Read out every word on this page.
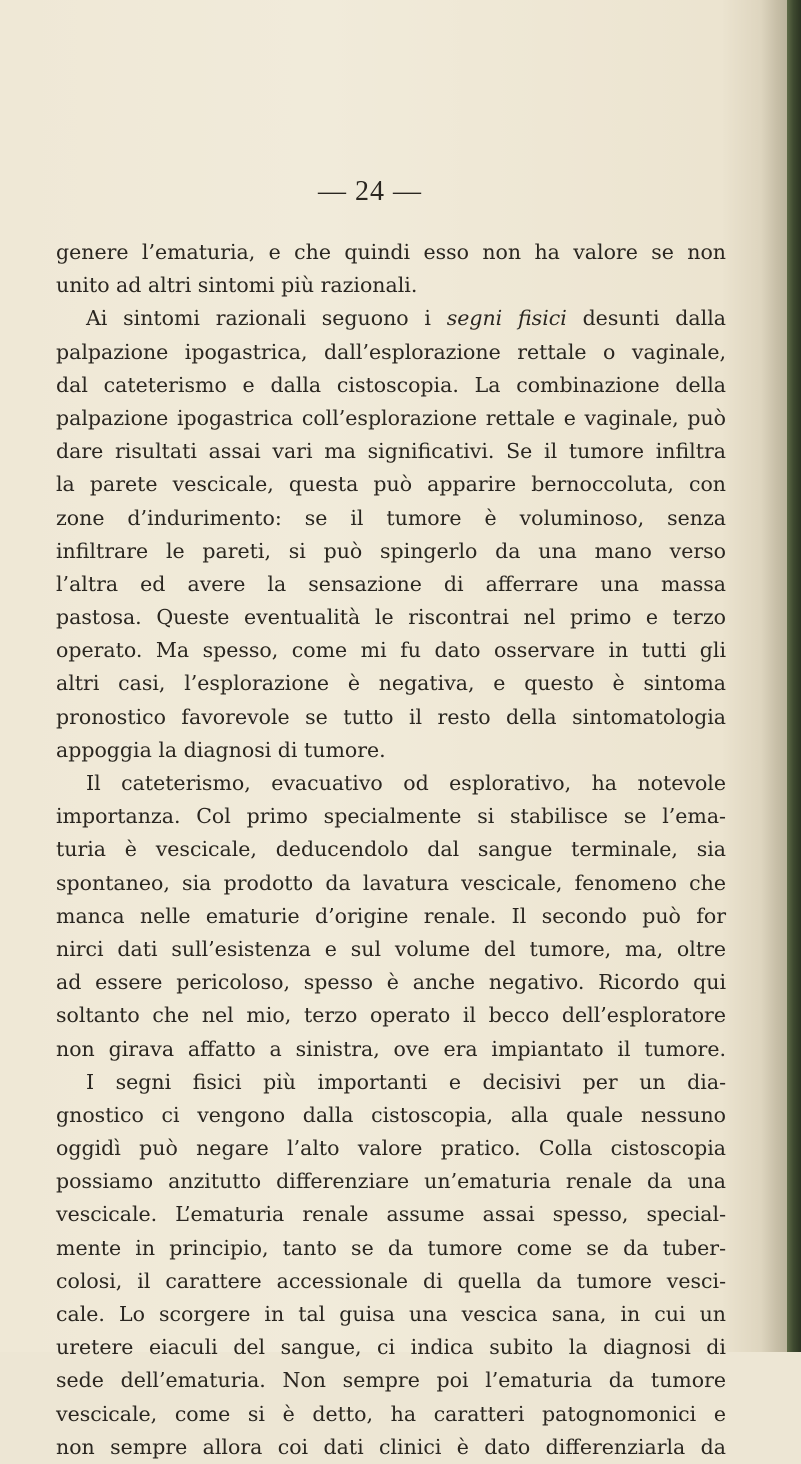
— 24 —
genere l’ematuria, e che quindi esso non ha valore se non
unito ad altri sintomi più razionali.
Ai sintomi razionali seguono i segni fisici desunti dalla
palpazione ipogastrica, dall’esplorazione rettale o vaginale,
dal cateterismo e dalla cistoscopia. La combinazione della
palpazione ipogastrica coll’esplorazione rettale e vaginale, può
dare risultati assai vari ma significativi. Se il tumore infiltra
la parete vescicale, questa può apparire bernoccoluta, con
zone d’indurimento: se il tumore è voluminoso, senza
infiltrare le pareti, si può spingerlo da una mano verso
l’altra ed avere la sensazione di afferrare una massa
pastosa. Queste eventualità le riscontrai nel primo e terzo
operato. Ma spesso, come mi fu dato osservare in tutti gli
altri casi, l’esplorazione è negativa, e questo è sintoma
pronostico favorevole se tutto il resto della sintomatologia
appoggia la diagnosi di tumore.
Il cateterismo, evacuativo od esplorativo, ha notevole
importanza. Col primo specialmente si stabilisce se l’ema-
turia è vescicale, deducendolo dal sangue terminale, sia
spontaneo, sia prodotto da lavatura vescicale, fenomeno che
manca nelle ematurie d’origine renale. Il secondo può for
nirci dati sull’esistenza e sul volume del tumore, ma, oltre
ad essere pericoloso, spesso è anche negativo. Ricordo qui
soltanto che nel mio, terzo operato il becco dell’esploratore
non girava affatto a sinistra, ove era impiantato il tumore.
I segni fisici più importanti e decisivi per un dia-
gnostico ci vengono dalla cistoscopia, alla quale nessuno
oggidì può negare l’alto valore pratico. Colla cistoscopia
possiamo anzitutto differenziare un’ematuria renale da una
vescicale. L’ematuria renale assume assai spesso, special-
mente in principio, tanto se da tumore come se da tuber-
colosi, il carattere accessionale di quella da tumore vesci-
cale. Lo scorgere in tal guisa una vescica sana, in cui un
uretere eiaculi del sangue, ci indica subito la diagnosi di
sede dell’ematuria. Non sempre poi l’ematuria da tumore
vescicale, come si è detto, ha caratteri patognomonici e
non sempre allora coi dati clinici è dato differenziarla da
